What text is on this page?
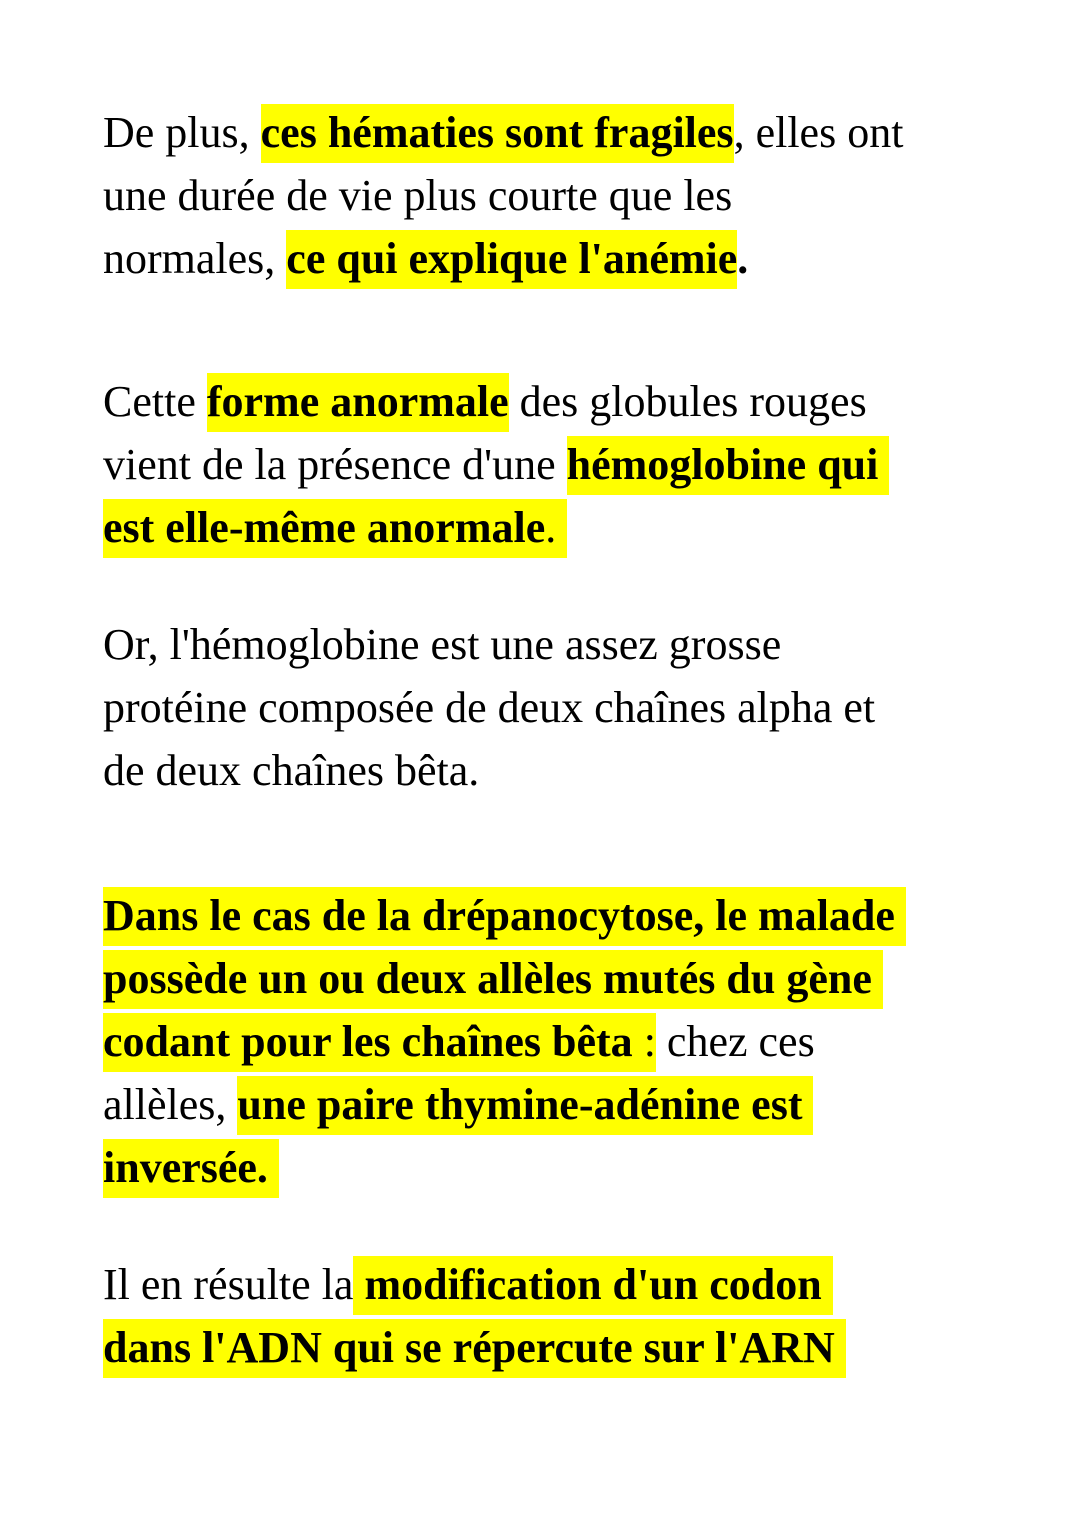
De plus, ces hématies sont fragiles, elles ont
une durée de vie plus courte que les
normales, ce qui explique l'anémie.

Cette forme anormale des globules rouges
vient de la présence d'une hémoglobine qui
est elle-même anormale.

Or, l'hémoglobine est une assez grosse
protéine composée de deux chaînes alpha et
de deux chaînes bêta.

Dans le cas de la drépanocytose, le malade
possède un ou deux allèles mutés du gène
codant pour les chaînes bêta : chez ces
allèles, une paire thymine-adénine est
inversée.

Il en résulte la modification d'un codon
dans l'ADN qui se répercute sur l'ARN
